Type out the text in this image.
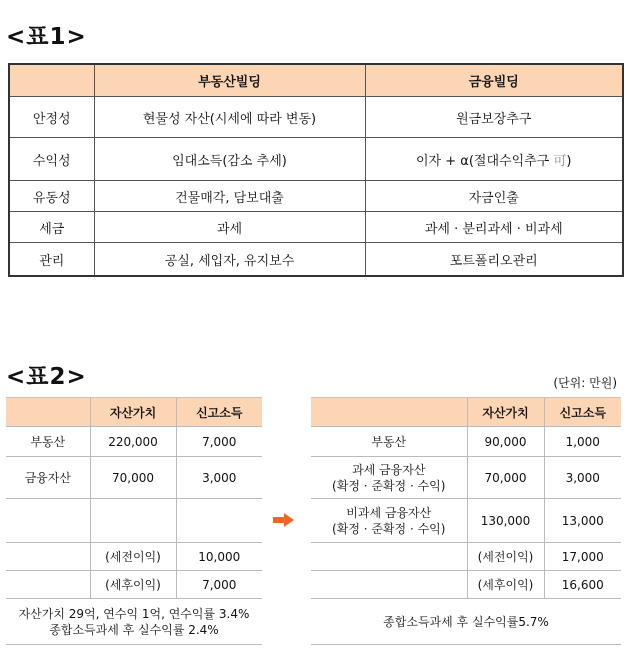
<표1>
	부동산빌딩	금융빌딩
안정성	현물성 자산(시세에 따라 변동)	원금보장추구
수익성	임대소득(감소 추세)	이자 + α(절대수익추구 可)
유동성	건물매각, 담보대출	자금인출
세금	과세	과세 · 분리과세 · 비과세
관리	공실, 세입자, 유지보수	포트폴리오관리
<표2>	(단위: 만원)
	자산가치	신고소득
부동산	220,000	7,000
금융자산	70,000	3,000

	(세전이익)	10,000
	(세후이익)	7,000

자산가치 29억, 연수익 1억, 연수익률 3.4%
종합소득과세 후 실수익률 2.4%		
	자산가치	신고소득
부동산	90,000	1,000

과세 금융자산
(확정 · 준확정 · 수익)	70,000	3,000

비과세 금융자산
(확정 · 준확정 · 수익)	130,000	13,000
	(세전이익)	17,000
	(세후이익)	16,600
종합소득과세 후 실수익률5.7%		
